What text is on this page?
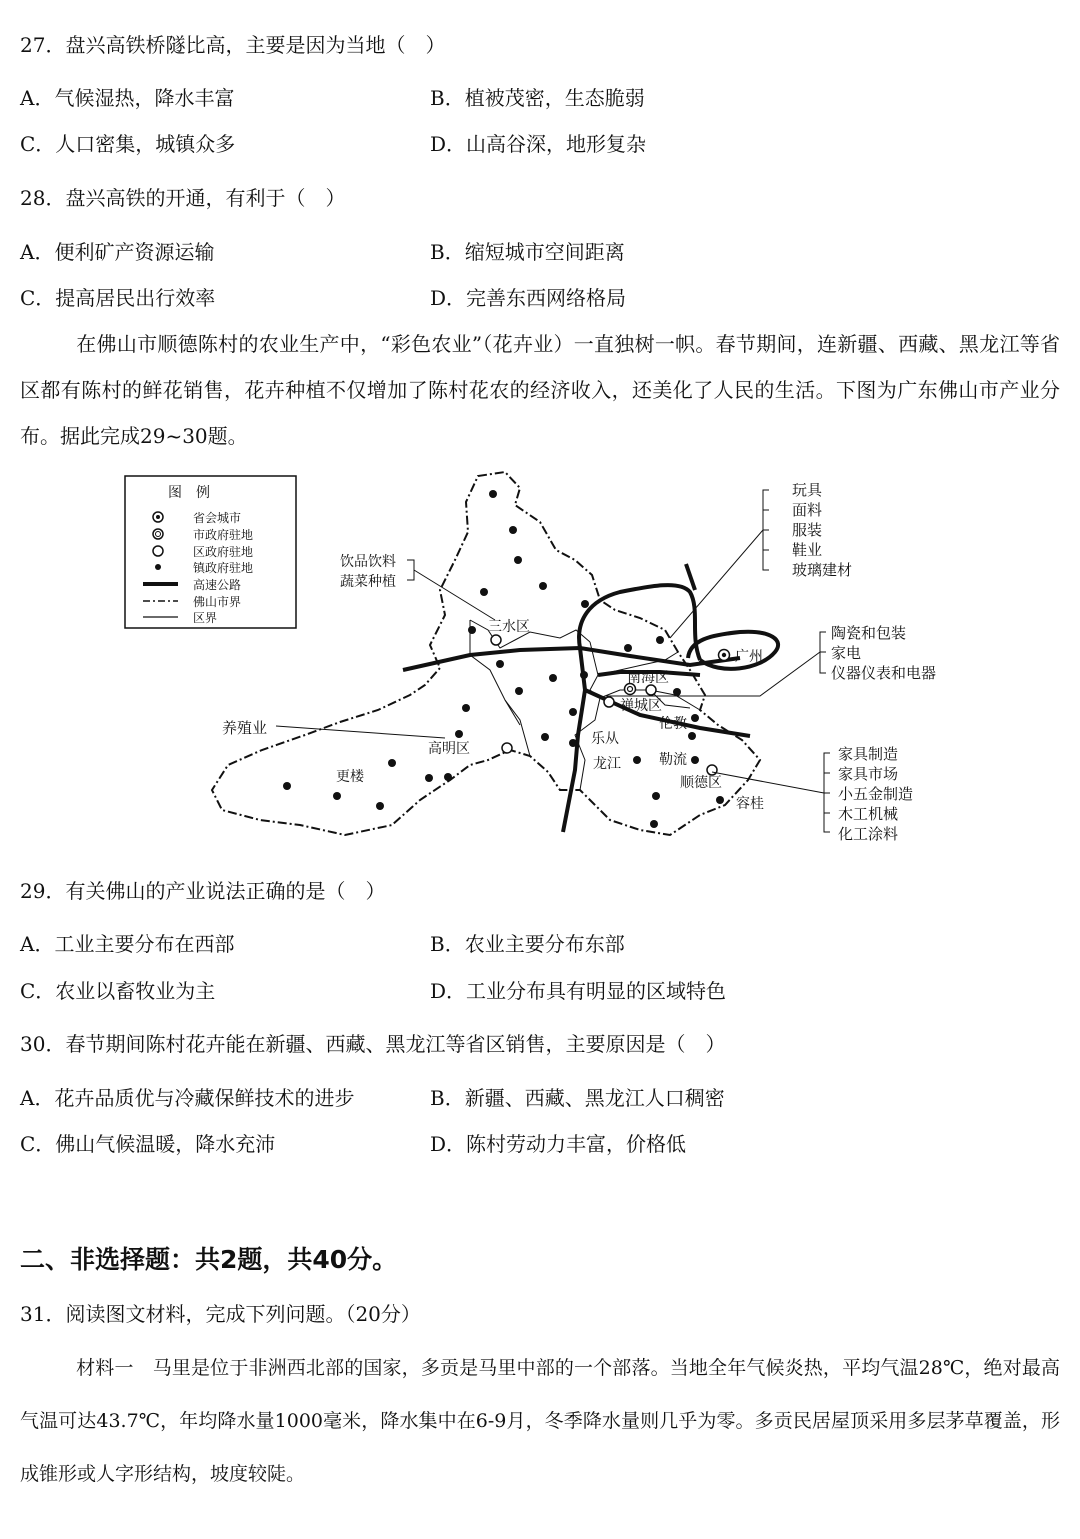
27．盘兴高铁桥隧比高，主要是因为当地（　）
A．气候湿热，降水丰富	B．植被茂密，生态脆弱
C．人口密集，城镇众多	D．山高谷深，地形复杂
28．盘兴高铁的开通，有利于（　）
A．便利矿产资源运输	B．缩短城市空间距离
C．提高居民出行效率	D．完善东西网络格局
在佛山市顺德陈村的农业生产中，“彩色农业”（花卉业）一直独树一帜。春节期间，连新疆、西藏、黑龙江等省区都有陈村的鲜花销售，花卉种植不仅增加了陈村花农的经济收入，还美化了人民的生活。下图为广东佛山市产业分布。据此完成29~30题。
图　例
省会城市
市政府驻地
区政府驻地
镇政府驻地
高速公路
佛山市界
区界
三水区
南海区
禅城区
广州
高明区
更楼
乐从
龙江
伦教
勒流
顺德区
容桂
饮品饮料
蔬菜种植
玩具
面料
服装
鞋业
玻璃建材
陶瓷和包装
家电
仪器仪表和电器
养殖业
家具制造
家具市场
小五金制造
木工机械
化工涂料
29．有关佛山的产业说法正确的是（　）
A．工业主要分布在西部	B．农业主要分布东部
C．农业以畜牧业为主	D．工业分布具有明显的区域特色
30．春节期间陈村花卉能在新疆、西藏、黑龙江等省区销售，主要原因是（　）
A．花卉品质优与冷藏保鲜技术的进步	B．新疆、西藏、黑龙江人口稠密
C．佛山气候温暖，降水充沛	D．陈村劳动力丰富，价格低
二、非选择题：共2题，共40分。
31．阅读图文材料，完成下列问题。（20分）
材料一　马里是位于非洲西北部的国家，多贡是马里中部的一个部落。当地全年气候炎热，平均气温28℃，绝对最高气温可达43.7℃，年均降水量1000毫米，降水集中在6-9月，冬季降水量则几乎为零。多贡民居屋顶采用多层茅草覆盖，形成锥形或人字形结构，坡度较陡。
